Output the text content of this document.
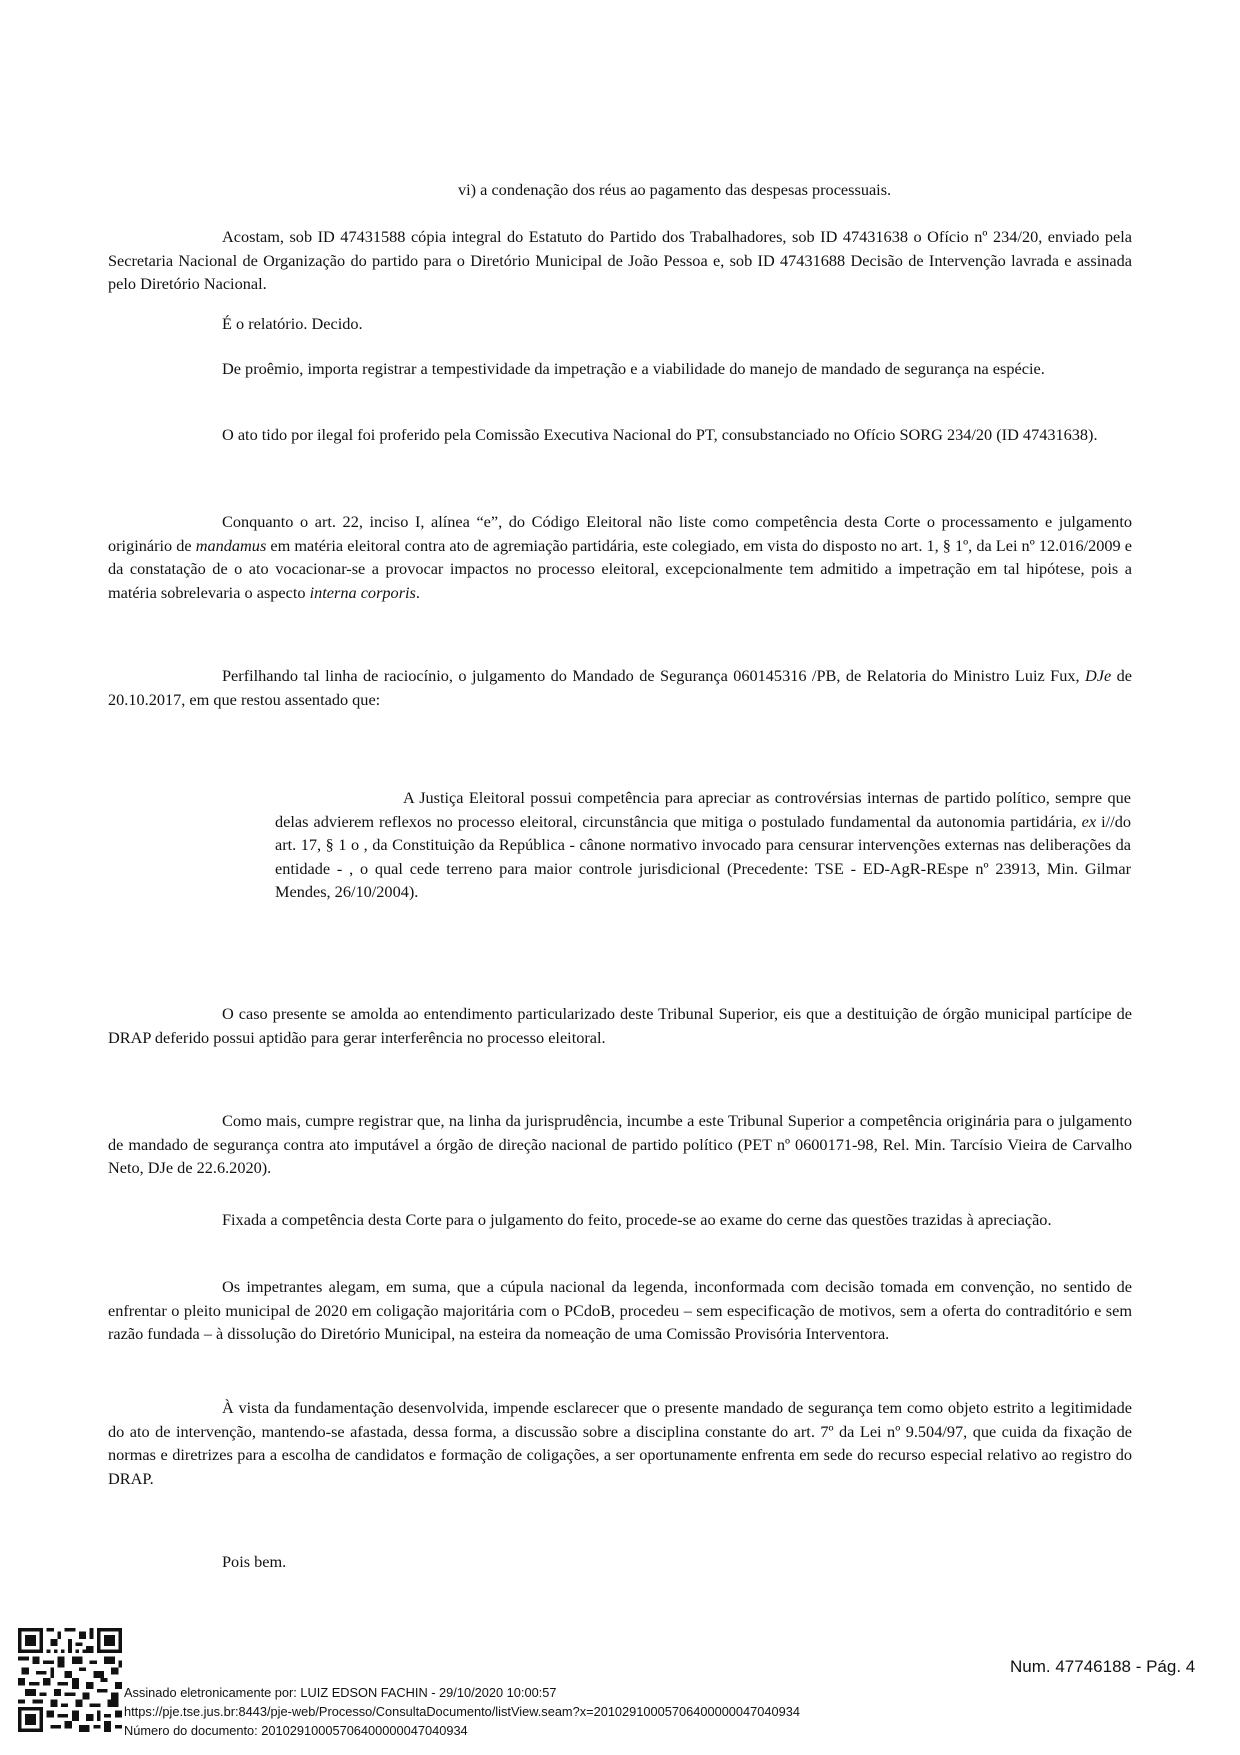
vi) a condenação dos réus ao pagamento das despesas processuais.

Acostam, sob ID 47431588 cópia integral do Estatuto do Partido dos Trabalhadores, sob ID 47431638 o Ofício nº 234/20, enviado pela Secretaria Nacional de Organização do partido para o Diretório Municipal de João Pessoa e, sob ID 47431688 Decisão de Intervenção lavrada e assinada pelo Diretório Nacional.

É o relatório. Decido.

De proêmio, importa registrar a tempestividade da impetração e a viabilidade do manejo de mandado de segurança na espécie.

O ato tido por ilegal foi proferido pela Comissão Executiva Nacional do PT, consubstanciado no Ofício SORG 234/20 (ID 47431638).

Conquanto o art. 22, inciso I, alínea “e”, do Código Eleitoral não liste como competência desta Corte o processamento e julgamento originário de mandamus em matéria eleitoral contra ato de agremiação partidária, este colegiado, em vista do disposto no art. 1, § 1º, da Lei nº 12.016/2009 e da constatação de o ato vocacionar-se a provocar impactos no processo eleitoral, excepcionalmente tem admitido a impetração em tal hipótese, pois a matéria sobrelevaria o aspecto interna corporis.

Perfilhando tal linha de raciocínio, o julgamento do Mandado de Segurança 060145316 /PB, de Relatoria do Ministro Luiz Fux, DJe de 20.10.2017, em que restou assentado que:

A Justiça Eleitoral possui competência para apreciar as controvérsias internas de partido político, sempre que delas advierem reflexos no processo eleitoral, circunstância que mitiga o postulado fundamental da autonomia partidária, ex i//do art. 17, § 1 o , da Constituição da República - cânone normativo invocado para censurar intervenções externas nas deliberações da entidade - , o qual cede terreno para maior controle jurisdicional (Precedente: TSE - ED-AgR-REspe nº 23913, Min. Gilmar Mendes, 26/10/2004).

O caso presente se amolda ao entendimento particularizado deste Tribunal Superior, eis que a destituição de órgão municipal partícipe de DRAP deferido possui aptidão para gerar interferência no processo eleitoral.

Como mais, cumpre registrar que, na linha da jurisprudência, incumbe a este Tribunal Superior a competência originária para o julgamento de mandado de segurança contra ato imputável a órgão de direção nacional de partido político (PET nº 0600171-98, Rel. Min. Tarcísio Vieira de Carvalho Neto, DJe de 22.6.2020).

Fixada a competência desta Corte para o julgamento do feito, procede-se ao exame do cerne das questões trazidas à apreciação.

Os impetrantes alegam, em suma, que a cúpula nacional da legenda, inconformada com decisão tomada em convenção, no sentido de enfrentar o pleito municipal de 2020 em coligação majoritária com o PCdoB, procedeu – sem especificação de motivos, sem a oferta do contraditório e sem razão fundada – à dissolução do Diretório Municipal, na esteira da nomeação de uma Comissão Provisória Interventora.

À vista da fundamentação desenvolvida, impende esclarecer que o presente mandado de segurança tem como objeto estrito a legitimidade do ato de intervenção, mantendo-se afastada, dessa forma, a discussão sobre a disciplina constante do art. 7º da Lei nº 9.504/97, que cuida da fixação de normas e diretrizes para a escolha de candidatos e formação de coligações, a ser oportunamente enfrenta em sede do recurso especial relativo ao registro do DRAP.

Pois bem.

Assinado eletronicamente por: LUIZ EDSON FACHIN - 29/10/2020 10:00:57
https://pje.tse.jus.br:8443/pje-web/Processo/ConsultaDocumento/listView.seam?x=20102910005706400000047040934
Número do documento: 20102910005706400000047040934
Num. 47746188 - Pág. 4
